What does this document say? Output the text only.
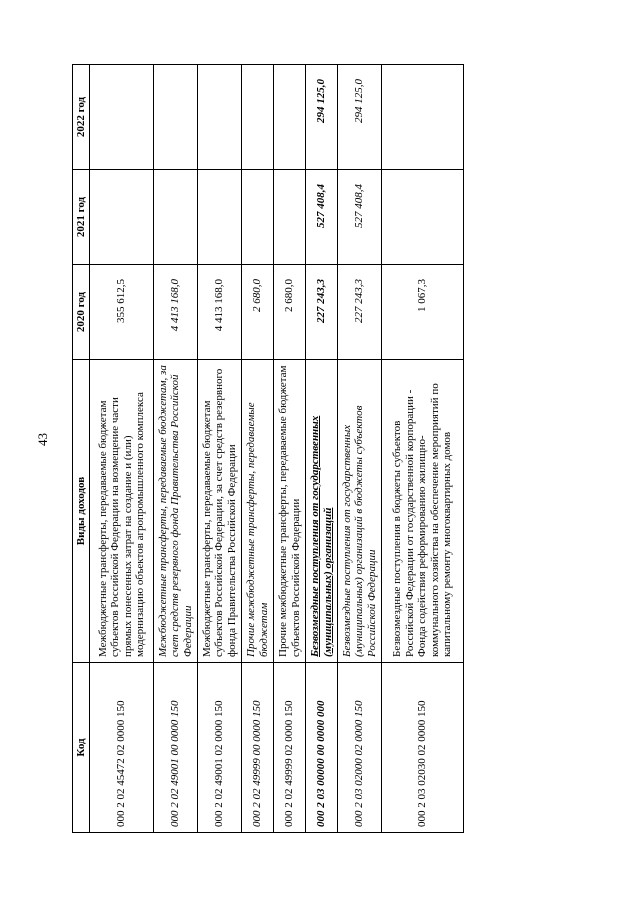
43
Код	Виды доходов	2020 год	2021 год	2022 год
000 2 02 45472 02 0000 150	Межбюджетные трансферты, передаваемые бюджетам субъектов Российской Федерации на возмещение части прямых понесенных затрат на создание и (или) модернизацию объектов агропромышленного комплекса	355 612,5		
000 2 02 49001 00 0000 150	Межбюджетные трансферты, передаваемые бюджетам, за счет средств резервного фонда Правительства Российской Федерации	4 413 168,0		
000 2 02 49001 02 0000 150	Межбюджетные трансферты, передаваемые бюджетам субъектов Российской Федерации, за счет средств резервного фонда Правительства Российской Федерации	4 413 168,0		
000 2 02 49999 00 0000 150	Прочие межбюджетные трансферты, передаваемые бюджетам	2 680,0		
000 2 02 49999 02 0000 150	Прочие межбюджетные трансферты, передаваемые бюджетам субъектов Российской Федерации	2 680,0		
000 2 03 00000 00 0000 000	Безвозмездные поступления от государственных (муниципальных) организаций	227 243,3	527 408,4	294 125,0
000 2 03 02000 02 0000 150	Безвозмездные поступления от государственных (муниципальных) организаций в бюджеты субъектов Российской Федерации	227 243,3	527 408,4	294 125,0
000 2 03 02030 02 0000 150	Безвозмездные поступления в бюджеты субъектов Российской Федерации от государственной корпорации - Фонда содействия реформированию жилищно-коммунального хозяйства на обеспечение мероприятий по капитальному ремонту многоквартирных домов	1 067,3		
